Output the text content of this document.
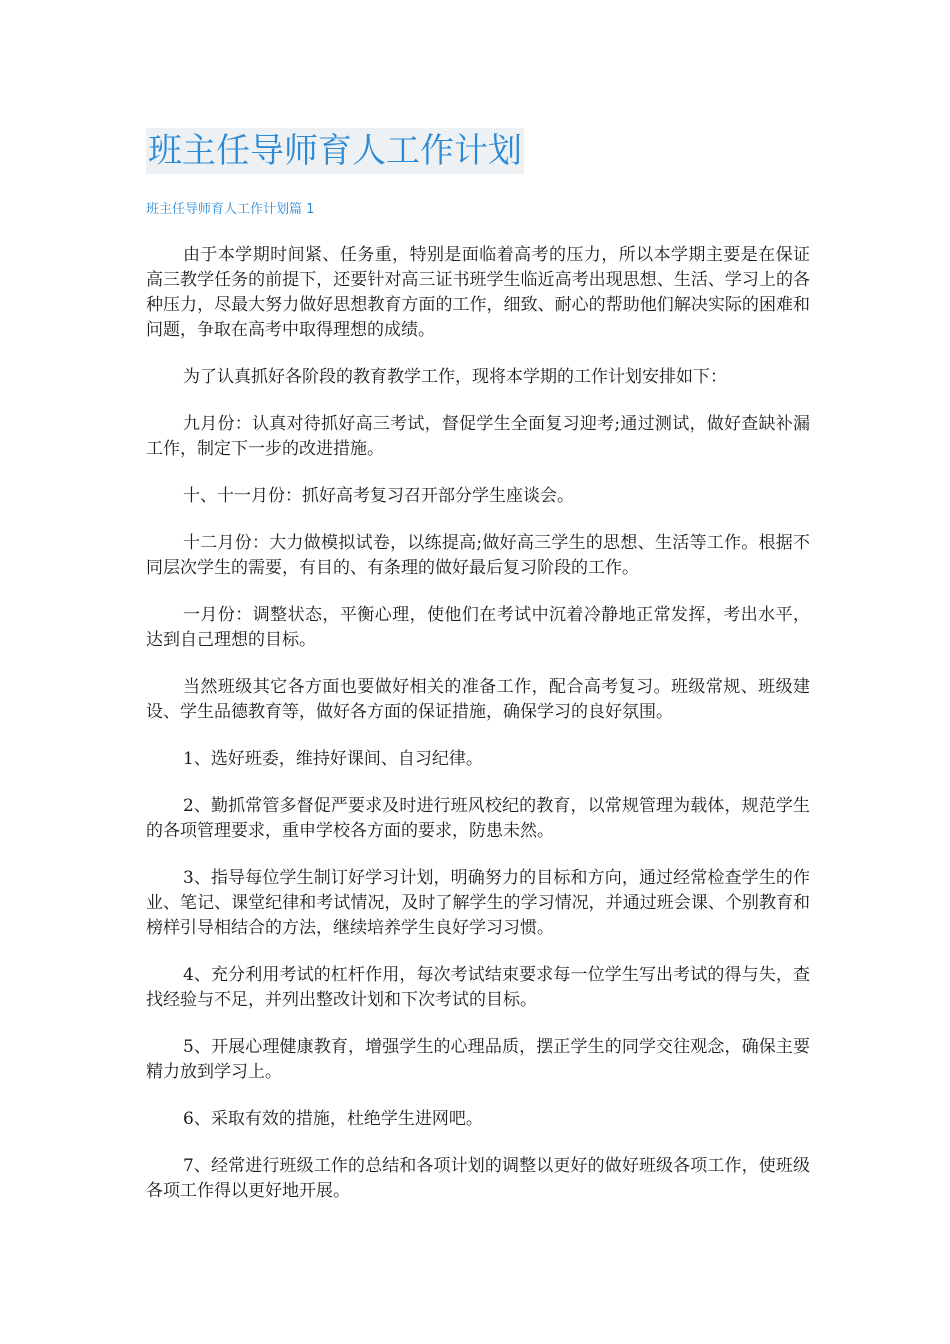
班主任导师育人工作计划

班主任导师育人工作计划篇 1

由于本学期时间紧、任务重，特别是面临着高考的压力，所以本学期主要是在保证高三教学任务的前提下，还要针对高三证书班学生临近高考出现思想、生活、学习上的各种压力，尽最大努力做好思想教育方面的工作，细致、耐心的帮助他们解决实际的困难和问题，争取在高考中取得理想的成绩。

为了认真抓好各阶段的教育教学工作，现将本学期的工作计划安排如下：

九月份：认真对待抓好高三考试，督促学生全面复习迎考;通过测试，做好查缺补漏工作，制定下一步的改进措施。

十、十一月份：抓好高考复习召开部分学生座谈会。

十二月份：大力做模拟试卷，以练提高;做好高三学生的思想、生活等工作。根据不同层次学生的需要，有目的、有条理的做好最后复习阶段的工作。

一月份：调整状态，平衡心理，使他们在考试中沉着冷静地正常发挥，考出水平，达到自己理想的目标。

当然班级其它各方面也要做好相关的准备工作，配合高考复习。班级常规、班级建设、学生品德教育等，做好各方面的保证措施，确保学习的良好氛围。

1、选好班委，维持好课间、自习纪律。

2、勤抓常管多督促严要求及时进行班风校纪的教育，以常规管理为载体，规范学生的各项管理要求，重申学校各方面的要求，防患未然。

3、指导每位学生制订好学习计划，明确努力的目标和方向，通过经常检查学生的作业、笔记、课堂纪律和考试情况，及时了解学生的学习情况，并通过班会课、个别教育和榜样引导相结合的方法，继续培养学生良好学习习惯。

4、充分利用考试的杠杆作用，每次考试结束要求每一位学生写出考试的得与失，查找经验与不足，并列出整改计划和下次考试的目标。

5、开展心理健康教育，增强学生的心理品质，摆正学生的同学交往观念，确保主要精力放到学习上。

6、采取有效的措施，杜绝学生进网吧。

7、经常进行班级工作的总结和各项计划的调整以更好的做好班级各项工作，使班级各项工作得以更好地开展。
